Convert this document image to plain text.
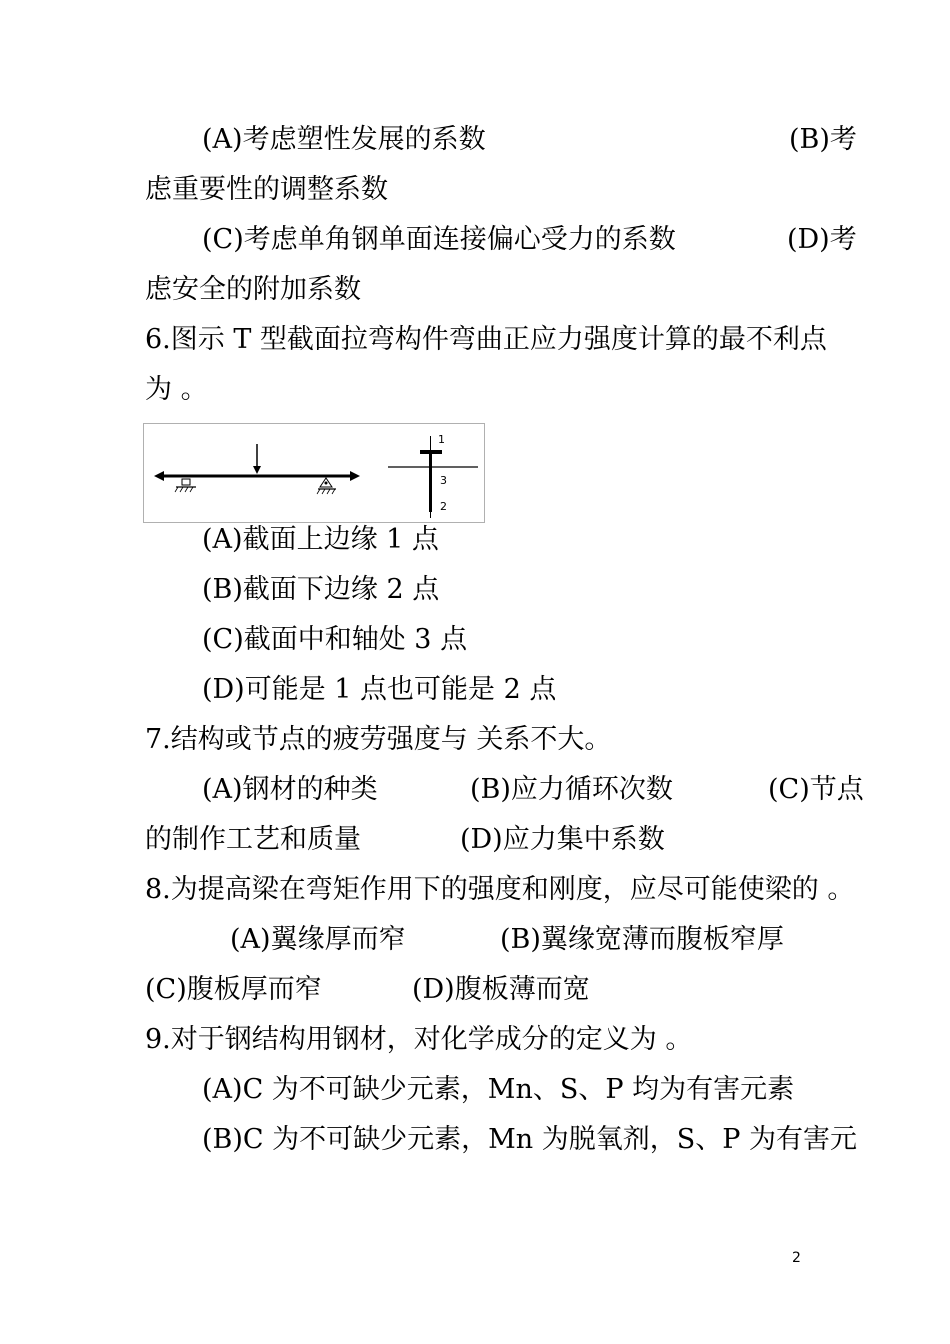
(A)考虑塑性发展的系数	(B)考
虑重要性的调整系数
(C)考虑单角钢单面连接偏心受力的系数	(D)考
虑安全的附加系数
6.图示 T 型截面拉弯构件弯曲正应力强度计算的最不利点
为 。
1
3
2
(A)截面上边缘 1 点
(B)截面下边缘 2 点
(C)截面中和轴处 3 点
(D)可能是 1 点也可能是 2 点
7.结构或节点的疲劳强度与 关系不大。
(A)钢材的种类	(B)应力循环次数	(C)节点
的制作工艺和质量	(D)应力集中系数
8.为提高梁在弯矩作用下的强度和刚度，应尽可能使梁的 。
(A)翼缘厚而窄	(B)翼缘宽薄而腹板窄厚
(C)腹板厚而窄	(D)腹板薄而宽
9.对于钢结构用钢材，对化学成分的定义为 。
(A)C 为不可缺少元素，Mn、S、P 均为有害元素
(B)C 为不可缺少元素，Mn 为脱氧剂，S、P 为有害元
2
